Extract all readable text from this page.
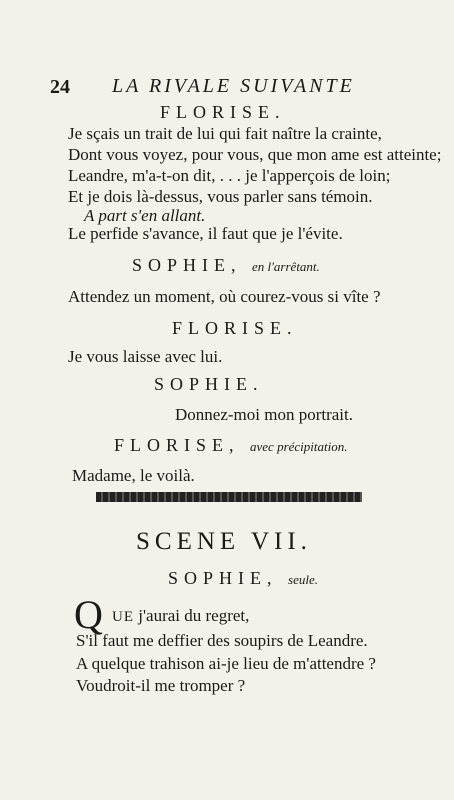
24 LA RIVALE SUIVANTE
FLORISE.
Je sçais un trait de lui qui fait naître la crainte,
Dont vous voyez, pour vous, que mon ame est atteinte;
Leandre, m'a-t-on dit, . . . je l'apperçois de loin;
Et je dois là-dessus, vous parler sans témoin.
A part s'en allant.
Le perfide s'avance, il faut que je l'évite.
SOPHIE, en l'arrêtant.
Attendez un moment, où courez-vous si vîte ?
FLORISE.
Je vous laisse avec lui.
SOPHIE.
Donnez-moi mon portrait.
FLORISE, avec précipitation.
Madame, le voilà.
SCENE VII.
SOPHIE, seule.
Q UE j'aurai du regret,
S'il faut me deffier des soupirs de Leandre.
A quelque trahison ai-je lieu de m'attendre ?
Voudroit-il me tromper ?
